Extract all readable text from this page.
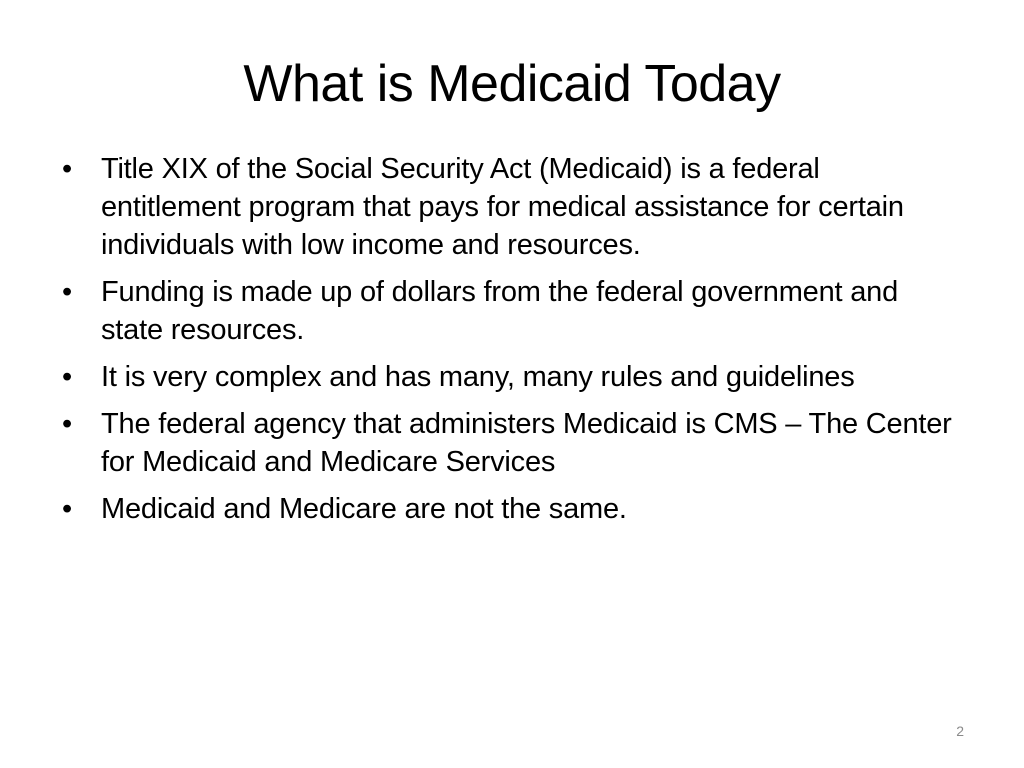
What is Medicaid Today
•	Title XIX of the Social Security Act (Medicaid) is a federal entitlement program that pays for medical assistance for certain individuals with low income and resources.
•	Funding is made up of dollars from the federal government and state resources.
•	It is very complex and has many, many rules and guidelines
•	The federal agency that administers Medicaid is CMS – The Center for Medicaid and Medicare Services
•	Medicaid and Medicare are not the same.
2
